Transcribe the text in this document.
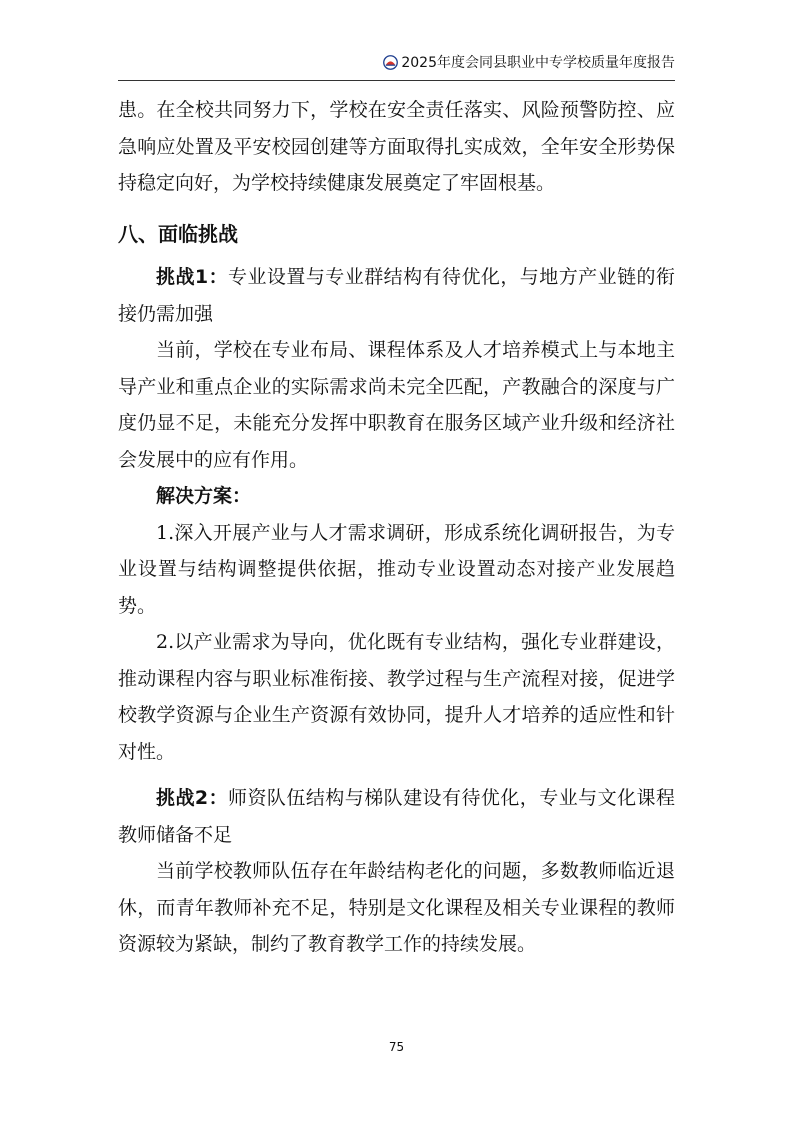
2025年度会同县职业中专学校质量年度报告

患。在全校共同努力下，学校在安全责任落实、风险预警防控、应急响应处置及平安校园创建等方面取得扎实成效，全年安全形势保持稳定向好，为学校持续健康发展奠定了牢固根基。

八、面临挑战

挑战1：专业设置与专业群结构有待优化，与地方产业链的衔接仍需加强

当前，学校在专业布局、课程体系及人才培养模式上与本地主导产业和重点企业的实际需求尚未完全匹配，产教融合的深度与广度仍显不足，未能充分发挥中职教育在服务区域产业升级和经济社会发展中的应有作用。

解决方案：

1.深入开展产业与人才需求调研，形成系统化调研报告，为专业设置与结构调整提供依据，推动专业设置动态对接产业发展趋势。

2.以产业需求为导向，优化既有专业结构，强化专业群建设，推动课程内容与职业标准衔接、教学过程与生产流程对接，促进学校教学资源与企业生产资源有效协同，提升人才培养的适应性和针对性。

挑战2：师资队伍结构与梯队建设有待优化，专业与文化课程教师储备不足

当前学校教师队伍存在年龄结构老化的问题，多数教师临近退休，而青年教师补充不足，特别是文化课程及相关专业课程的教师资源较为紧缺，制约了教育教学工作的持续发展。

75
